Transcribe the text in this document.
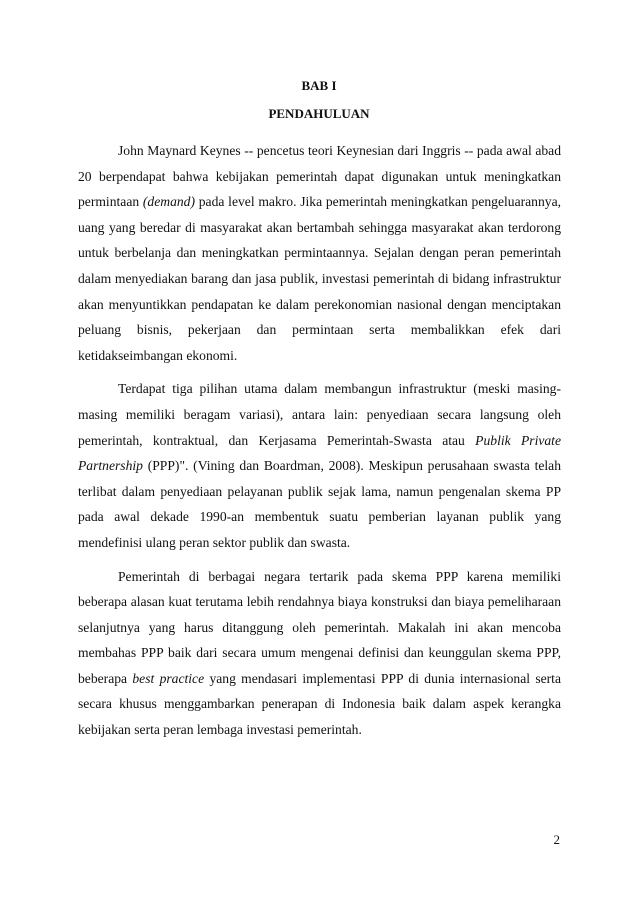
BAB I
PENDAHULUAN

John Maynard Keynes -- pencetus teori Keynesian dari Inggris -- pada awal abad 20 berpendapat bahwa kebijakan pemerintah dapat digunakan untuk meningkatkan permintaan (demand) pada level makro. Jika pemerintah meningkatkan pengeluarannya, uang yang beredar di masyarakat akan bertambah sehingga masyarakat akan terdorong untuk berbelanja dan meningkatkan permintaannya. Sejalan dengan peran pemerintah dalam menyediakan barang dan jasa publik, investasi pemerintah di bidang infrastruktur akan menyuntikkan pendapatan ke dalam perekonomian nasional dengan menciptakan peluang bisnis, pekerjaan dan permintaan serta membalikkan efek dari ketidakseimbangan ekonomi.

Terdapat tiga pilihan utama dalam membangun infrastruktur (meski masing-masing memiliki beragam variasi), antara lain: penyediaan secara langsung oleh pemerintah, kontraktual, dan Kerjasama Pemerintah-Swasta atau Publik Private Partnership (PPP)". (Vining dan Boardman, 2008). Meskipun perusahaan swasta telah terlibat dalam penyediaan pelayanan publik sejak lama, namun pengenalan skema PP pada awal dekade 1990-an membentuk suatu pemberian layanan publik yang mendefinisi ulang peran sektor publik dan swasta.

Pemerintah di berbagai negara tertarik pada skema PPP karena memiliki beberapa alasan kuat terutama lebih rendahnya biaya konstruksi dan biaya pemeliharaan selanjutnya yang harus ditanggung oleh pemerintah. Makalah ini akan mencoba membahas PPP baik dari secara umum mengenai definisi dan keunggulan skema PPP, beberapa best practice yang mendasari implementasi PPP di dunia internasional serta secara khusus menggambarkan penerapan di Indonesia baik dalam aspek kerangka kebijakan serta peran lembaga investasi pemerintah.

2
